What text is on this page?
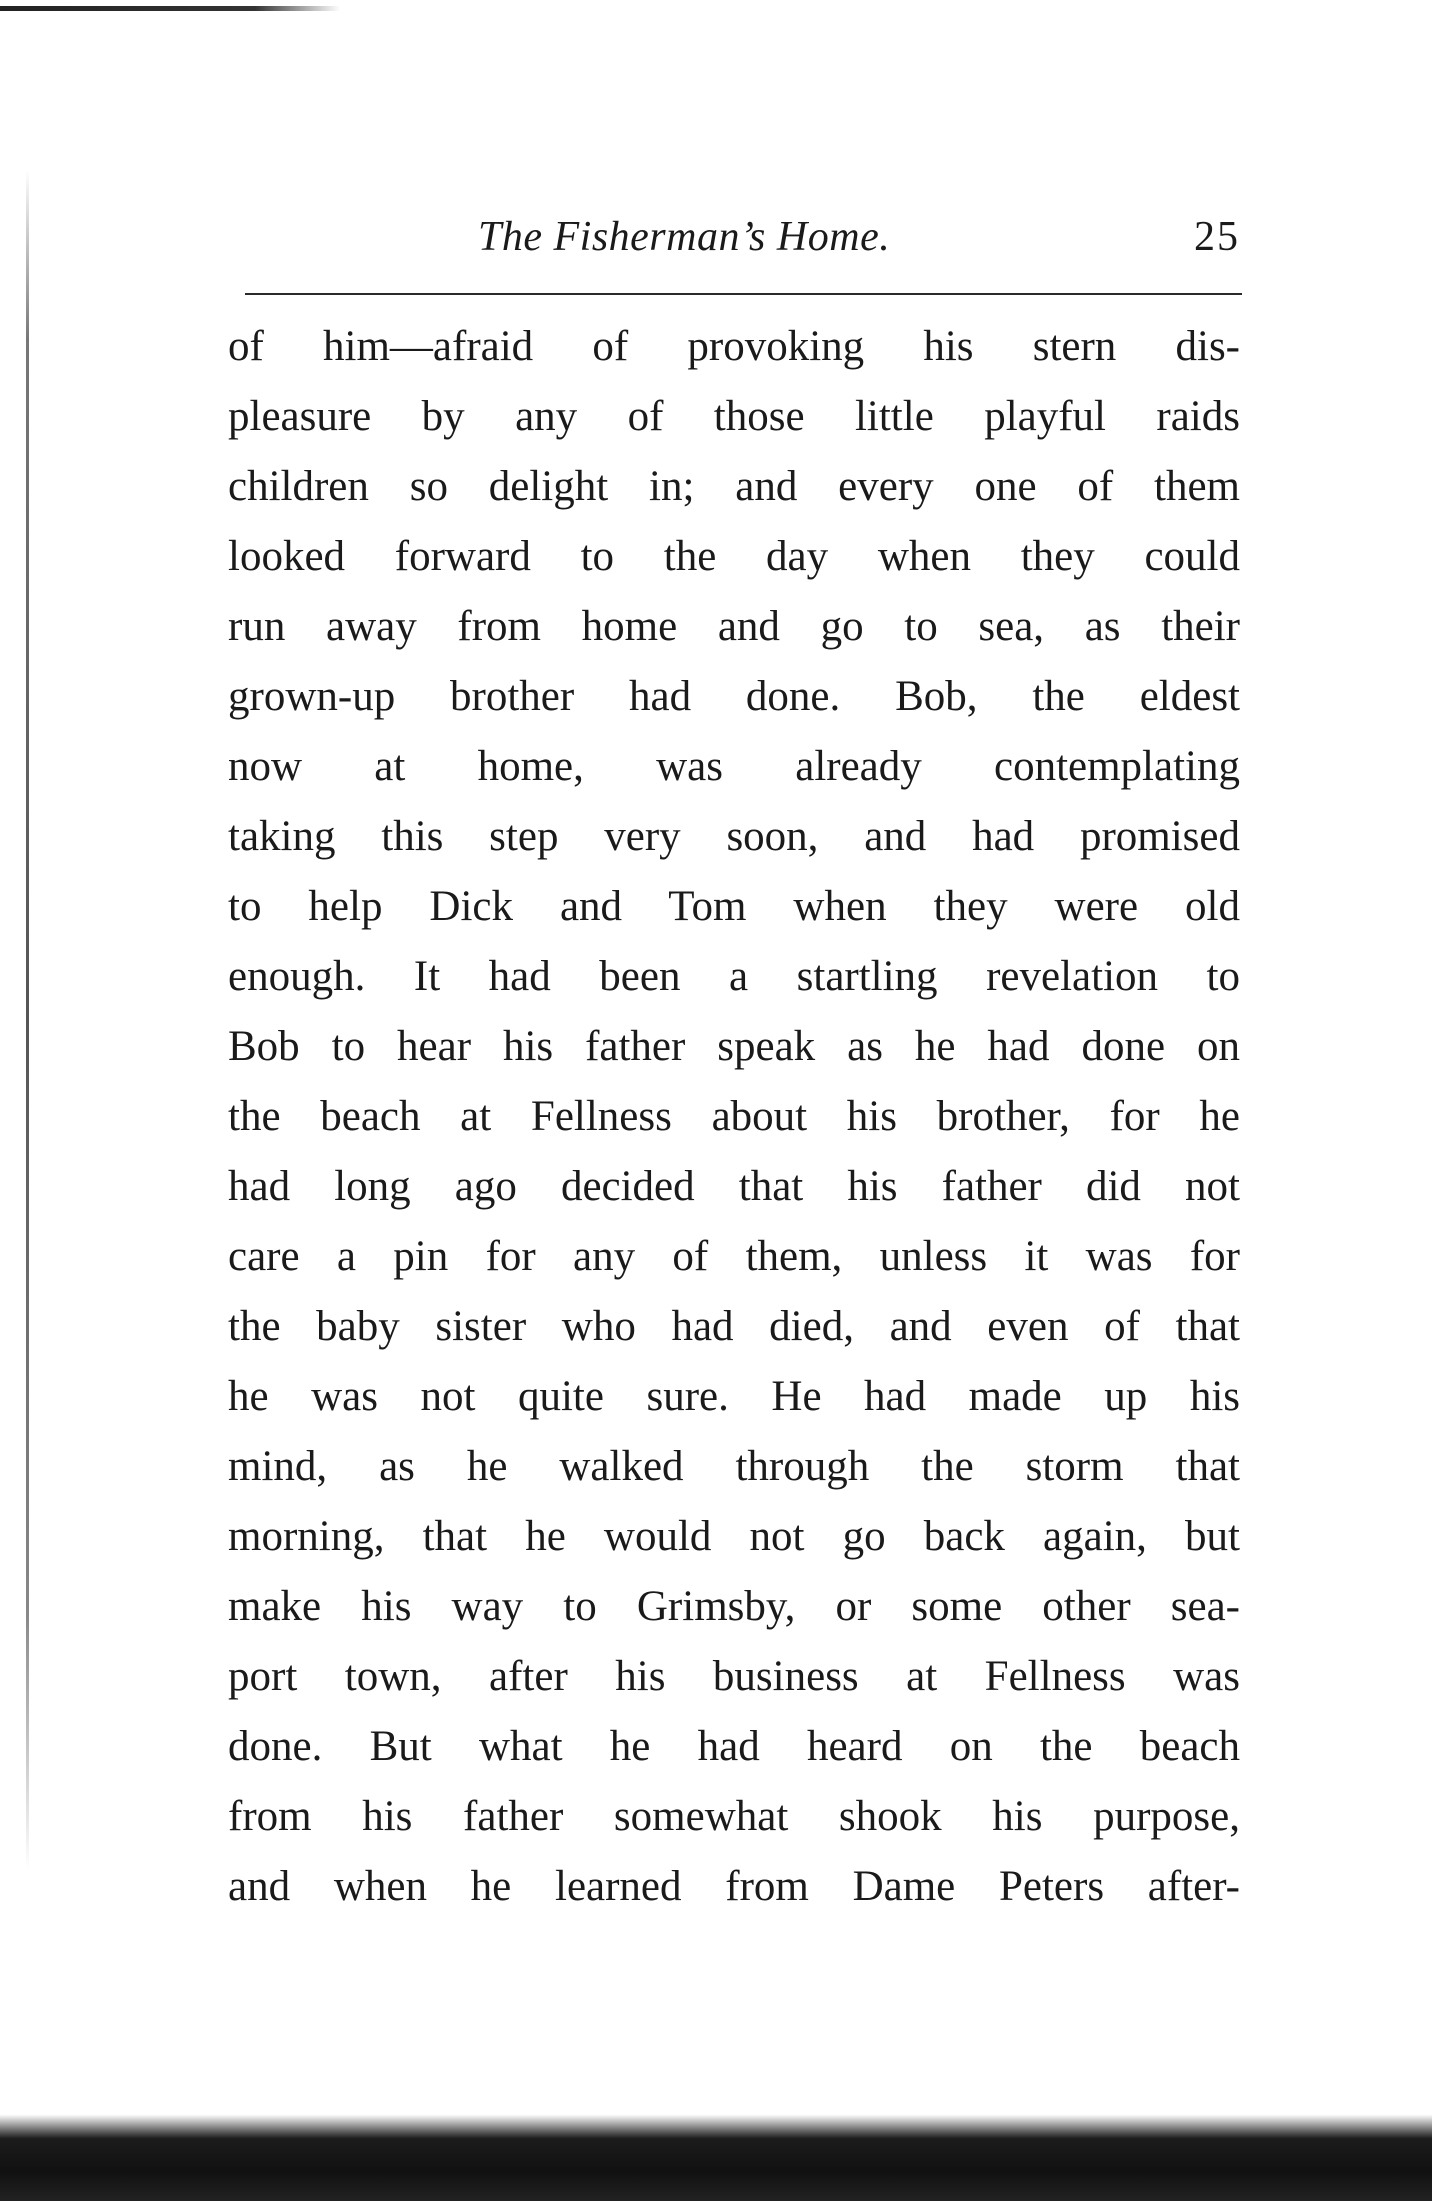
The Fisherman’s Home.	25
of him—afraid of provoking his stern dis-
pleasure by any of those little playful raids
children so delight in; and every one of them
looked forward to the day when they could
run away from home and go to sea, as their
grown-up brother had done. Bob, the eldest
now at home, was already contemplating
taking this step very soon, and had promised
to help Dick and Tom when they were old
enough. It had been a startling revelation to
Bob to hear his father speak as he had done on
the beach at Fellness about his brother, for he
had long ago decided that his father did not
care a pin for any of them, unless it was for
the baby sister who had died, and even of that
he was not quite sure. He had made up his
mind, as he walked through the storm that
morning, that he would not go back again, but
make his way to Grimsby, or some other sea-
port town, after his business at Fellness was
done. But what he had heard on the beach
from his father somewhat shook his purpose,
and when he learned from Dame Peters after-
